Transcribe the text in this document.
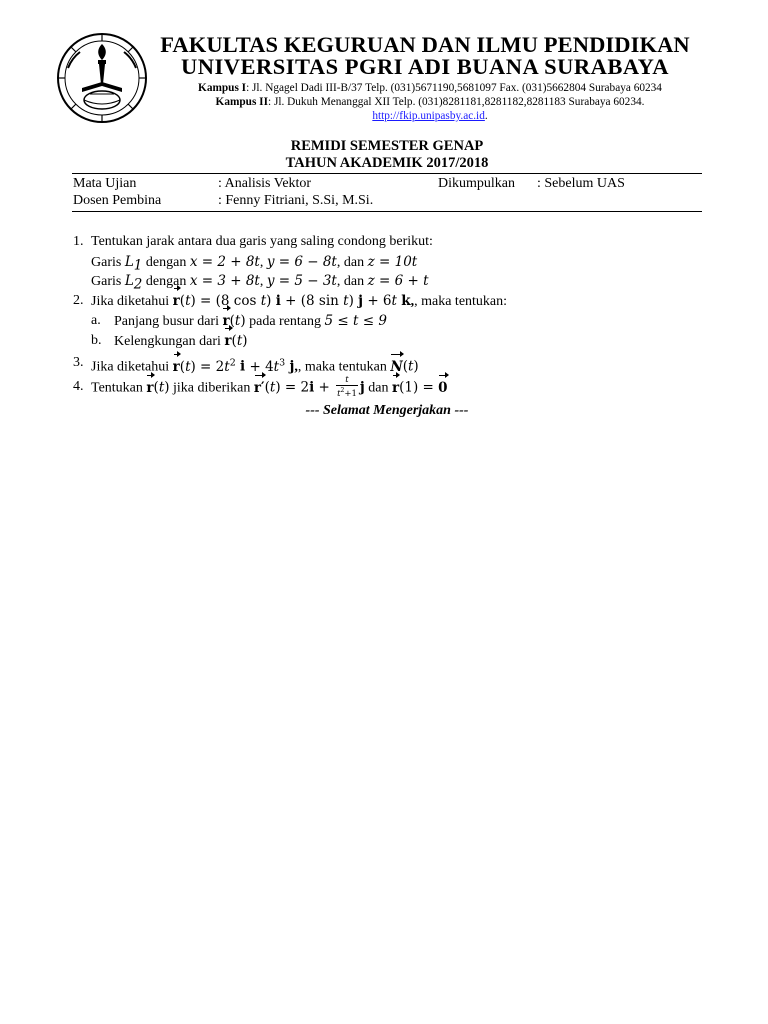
FAKULTAS KEGURUAN DAN ILMU PENDIDIKAN
UNIVERSITAS PGRI ADI BUANA SURABAYA
Kampus I: Jl. Ngagel Dadi III-B/37 Telp. (031)5671190,5681097 Fax. (031)5662804 Surabaya 60234
Kampus II: Jl. Dukuh Menanggal XII Telp. (031)8281181,8281182,8281183 Surabaya 60234.
http://fkip.unipasby.ac.id.
REMIDI SEMESTER GENAP
TAHUN AKADEMIK 2017/2018
Mata Ujian	: Analisis Vektor	Dikumpulkan : Sebelum UAS
Dosen Pembina	: Fenny Fitriani, S.Si, M.Si.
1. Tentukan jarak antara dua garis yang saling condong berikut:
Garis $L_1$ dengan x = 2 + 8t, y = 6 − 8t, dan z = 10t
Garis $L_2$ dengan x = 3 + 8t, y = 5 − 3t, dan z = 6 + t
2. Jika diketahui r(t) = (8 cos t) i + (8 sin t) j + 6t k,, maka tentukan:
a. Panjang busur dari r(t) pada rentang 5 ≤ t ≤ 9
b. Kelengkungan dari r(t)
3. Jika diketahui $r(t) = 2t^2$ $i + 4t^3$ j,, maka tentukan N(t)
4. Tentukan r(t) jika diberikan $r'(t) = 2i + \frac{t}{t^2+1}$ j dan r(1) = 0
--- Selamat Mengerjakan ---
